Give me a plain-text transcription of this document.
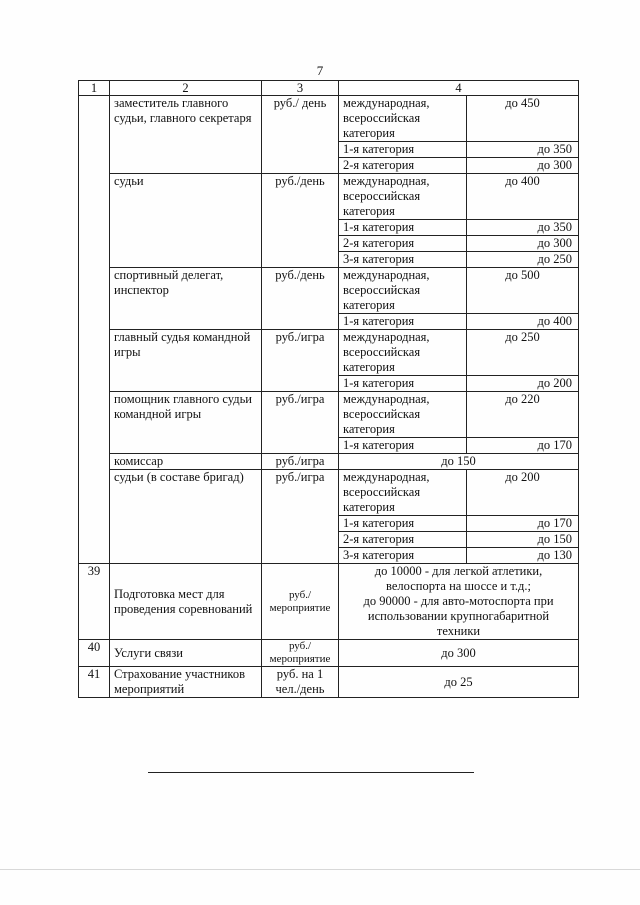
7
1	2	3	4	
	заместитель главного судьи, главного секретаря	руб./ день	международная, всероссийская категория	до 450
			1-я категория	до 350
			2-я категория	до 300
	судьи	руб./день	международная, всероссийская категория	до 400
			1-я категория	до 350
			2-я категория	до 300
			3-я категория	до 250
	спортивный делегат, инспектор	руб./день	международная, всероссийская категория	до 500
			1-я категория	до 400
	главный судья командной игры	руб./игра	международная, всероссийская категория	до 250
			1-я категория	до 200
	помощник главного судьи командной игры	руб./игра	международная, всероссийская категория	до 220
			1-я категория	до 170
	комиссар	руб./игра	до 150	
	судьи (в составе бригад)	руб./игра	международная, всероссийская категория	до 200
			1-я категория	до 170
			2-я категория	до 150
			3-я категория	до 130
39	Подготовка мест для проведения соревнований	руб./ мероприятие	до 10000 - для легкой атлетики,
велоспорта на шоссе и т.д.;
до 90000 - для авто-мотоспорта при
использовании крупногабаритной
техники	

40	Услуги связи	руб./ мероприятие	до 300	

41	Страхование участников мероприятий	руб. на 1 чел./день	до 25	
